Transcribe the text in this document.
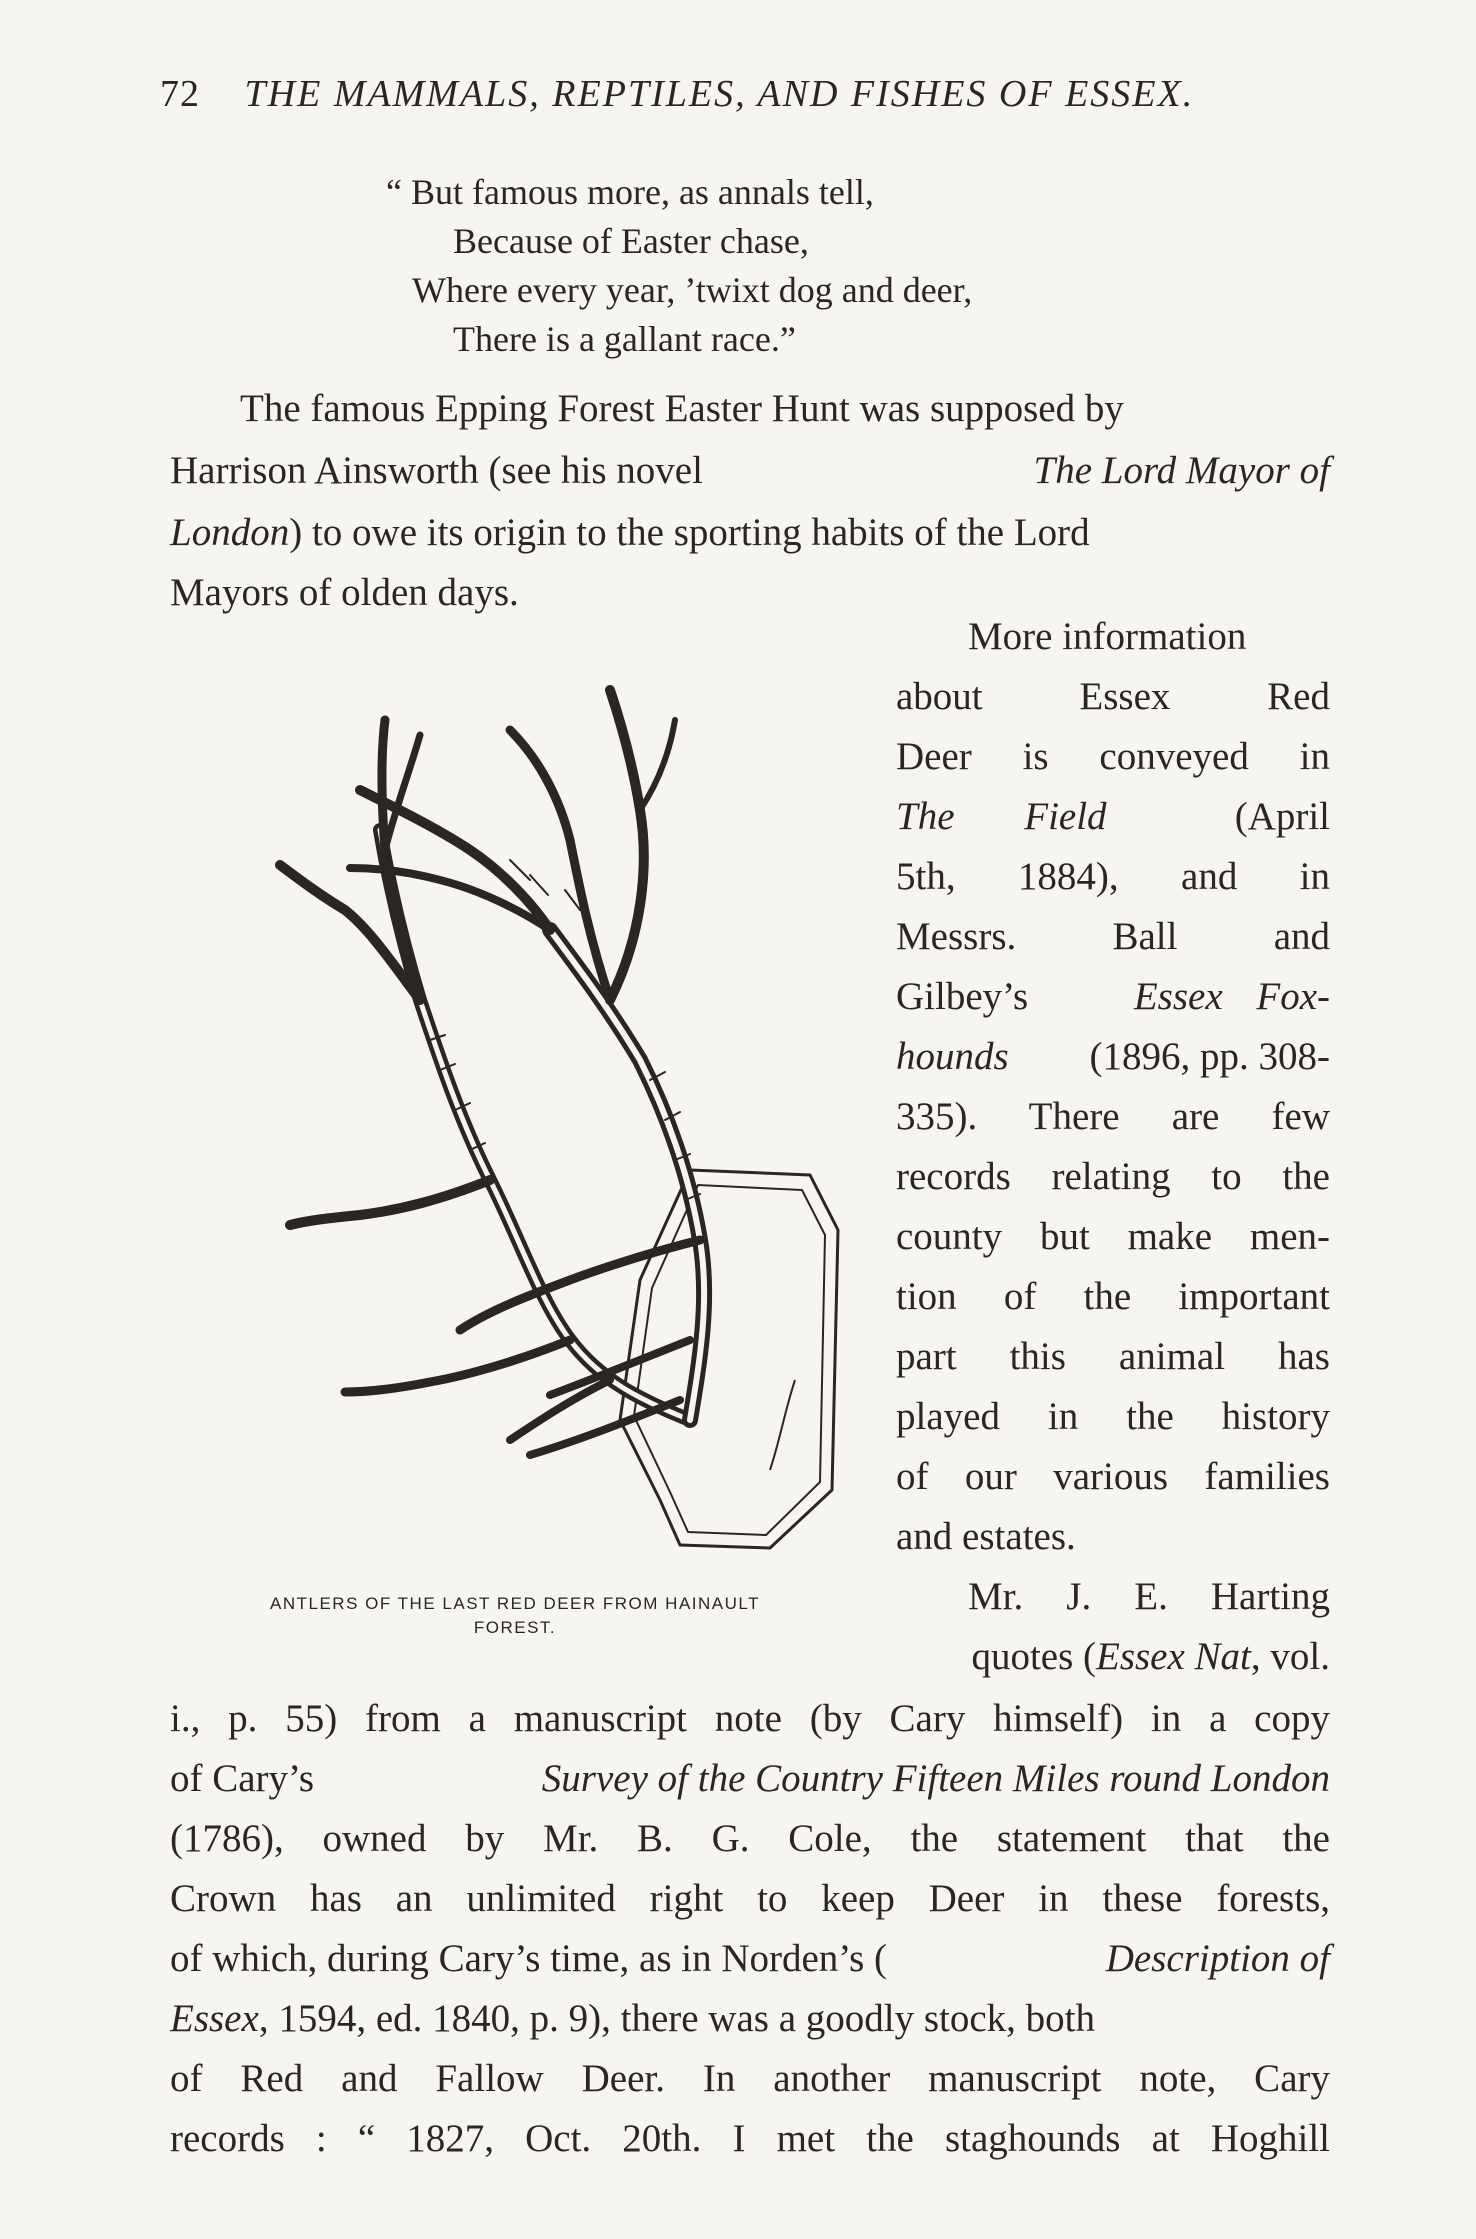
72 THE MAMMALS, REPTILES, AND FISHES OF ESSEX.
“ But famous more, as annals tell,
Because of Easter chase,
Where every year, ’twixt dog and deer,
There is a gallant race.”
The famous Epping Forest Easter Hunt was supposed by
Harrison Ainsworth (see his novel	The Lord Mayor of
London) to owe its origin to the sporting habits of the Lord
Mayors of olden days.
More information
about Essex Red
Deer is conveyed in
The Field	(April
5th, 1884), and in
Messrs. Ball and
Gilbey’s	Essex Fox-
hounds (1896, pp. 308-
335). There are few
records relating to the
county but make men-
tion of the important
part this animal has
played in the history
of our various families
and estates.
Mr. J. E. Harting
quotes (Essex Nat, vol.
i., p. 55) from a manuscript note (by Cary himself) in a copy
of Cary’s	Survey of the Country Fifteen Miles round London
(1786), owned by Mr. B. G. Cole, the statement that the
Crown has an unlimited right to keep Deer in these forests,
of which, during Cary’s time, as in Norden’s (	Description of
Essex, 1594, ed. 1840, p. 9), there was a goodly stock, both
of Red and Fallow Deer. In another manuscript note, Cary
records : “ 1827, Oct. 20th. I met the staghounds at Hoghill
ANTLERS OF THE LAST RED DEER FROM HAINAULT
FOREST.
